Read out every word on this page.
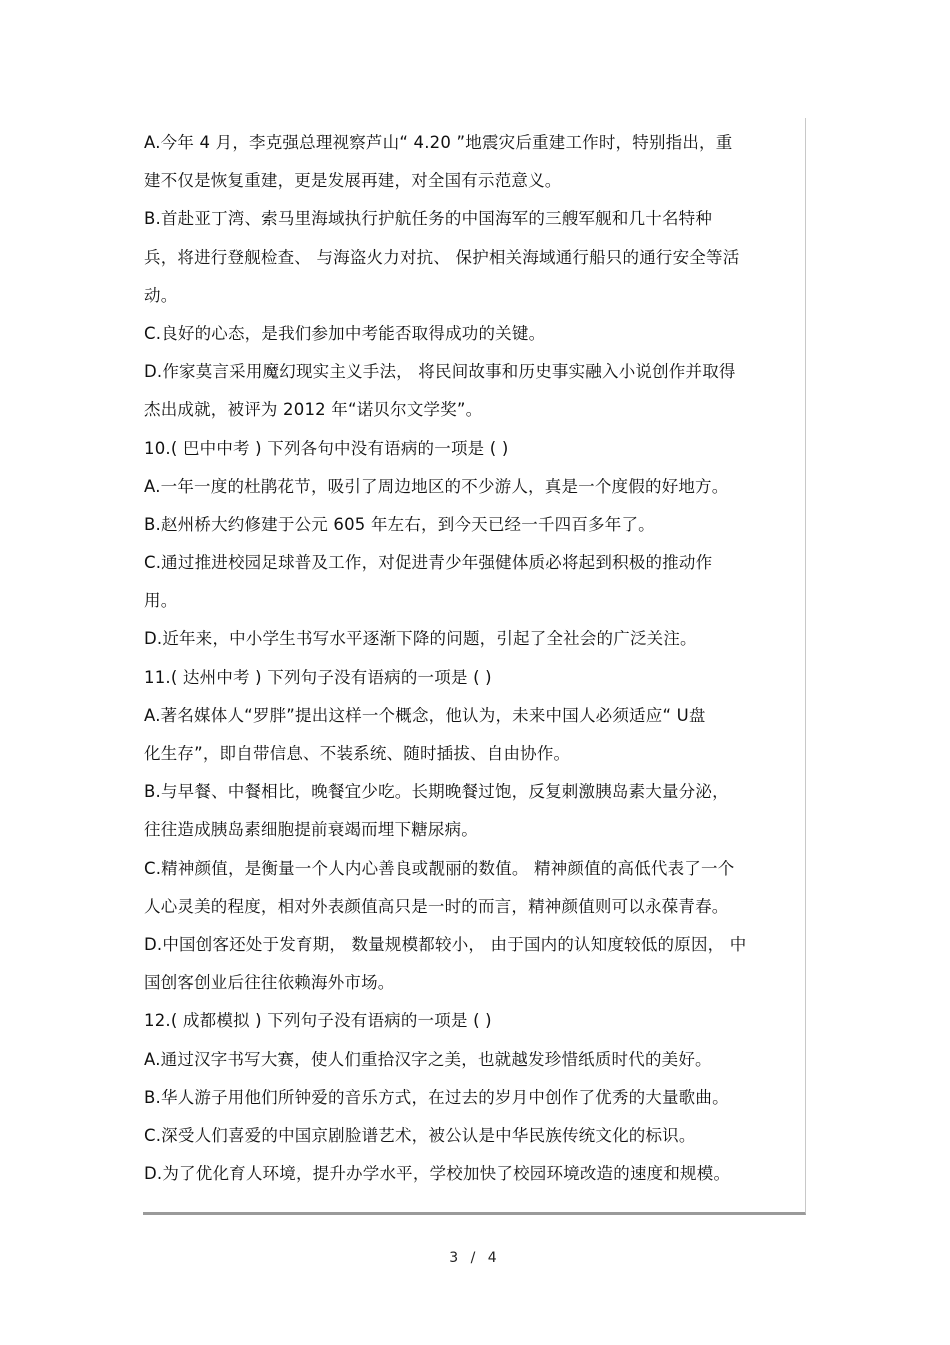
A.今年 4 月，李克强总理视察芦山“ 4.20 ”地震灾后重建工作时，特别指出，重
建不仅是恢复重建，更是发展再建，对全国有示范意义。
B.首赴亚丁湾、索马里海域执行护航任务的中国海军的三艘军舰和几十名特种
兵，将进行登舰检查、 与海盗火力对抗、 保护相关海域通行船只的通行安全等活
动。
C.良好的心态，是我们参加中考能否取得成功的关键。
D.作家莫言采用魔幻现实主义手法， 将民间故事和历史事实融入小说创作并取得
杰出成就，被评为 2012 年“诺贝尔文学奖”。
10.( 巴中中考 ) 下列各句中没有语病的一项是 ( )
A.一年一度的杜鹃花节，吸引了周边地区的不少游人，真是一个度假的好地方。
B.赵州桥大约修建于公元 605 年左右，到今天已经一千四百多年了。
C.通过推进校园足球普及工作，对促进青少年强健体质必将起到积极的推动作
用。
D.近年来，中小学生书写水平逐渐下降的问题，引起了全社会的广泛关注。
11.( 达州中考 ) 下列句子没有语病的一项是 ( )
A.著名媒体人“罗胖”提出这样一个概念，他认为，未来中国人必须适应“ U盘
化生存”，即自带信息、不装系统、随时插拔、自由协作。
B.与早餐、中餐相比，晚餐宜少吃。长期晚餐过饱，反复刺激胰岛素大量分泌，
往往造成胰岛素细胞提前衰竭而埋下糖尿病。
C.精神颜值，是衡量一个人内心善良或靓丽的数值。 精神颜值的高低代表了一个
人心灵美的程度，相对外表颜值高只是一时的而言，精神颜值则可以永葆青春。
D.中国创客还处于发育期， 数量规模都较小， 由于国内的认知度较低的原因， 中
国创客创业后往往依赖海外市场。
12.( 成都模拟 ) 下列句子没有语病的一项是 ( )
A.通过汉字书写大赛，使人们重拾汉字之美，也就越发珍惜纸质时代的美好。
B.华人游子用他们所钟爱的音乐方式，在过去的岁月中创作了优秀的大量歌曲。
C.深受人们喜爱的中国京剧脸谱艺术，被公认是中华民族传统文化的标识。
D.为了优化育人环境，提升办学水平，学校加快了校园环境改造的速度和规模。
3 / 4
